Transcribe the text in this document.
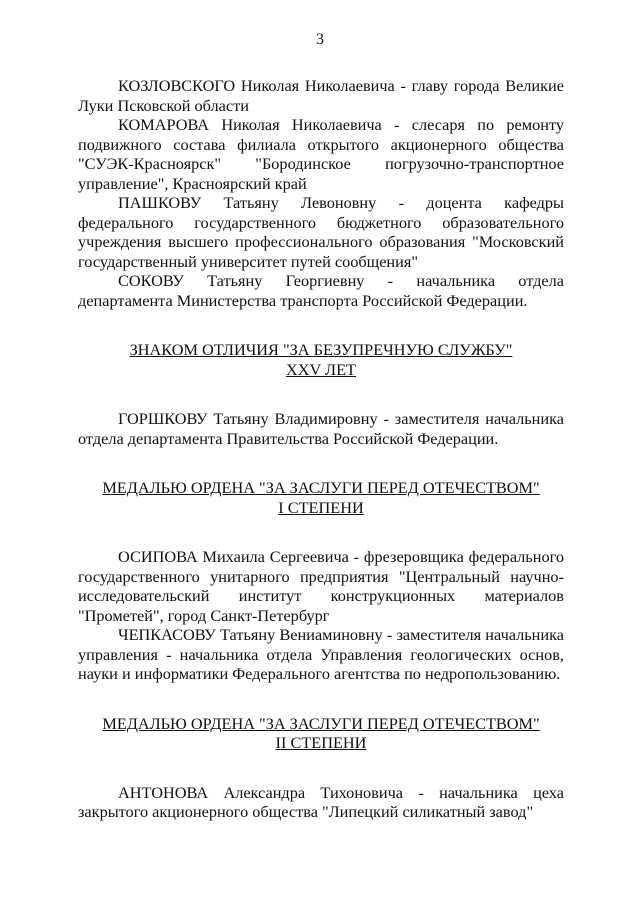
3

КОЗЛОВСКОГО Николая Николаевича - главу города Великие Луки Псковской области

КОМАРОВА Николая Николаевича - слесаря по ремонту подвижного состава филиала открытого акционерного общества "СУЭК-Красноярск" "Бородинское погрузочно-транспортное управление", Красноярский край

ПАШКОВУ Татьяну Левоновну - доцента кафедры федерального государственного бюджетного образовательного учреждения высшего профессионального образования "Московский государственный университет путей сообщения"

СОКОВУ Татьяну Георгиевну - начальника отдела департамента Министерства транспорта Российской Федерации.

ЗНАКОМ ОТЛИЧИЯ "ЗА БЕЗУПРЕЧНУЮ СЛУЖБУ"
XXV ЛЕТ

ГОРШКОВУ Татьяну Владимировну - заместителя начальника отдела департамента Правительства Российской Федерации.

МЕДАЛЬЮ ОРДЕНА "ЗА ЗАСЛУГИ ПЕРЕД ОТЕЧЕСТВОМ"
I СТЕПЕНИ

ОСИПОВА Михаила Сергеевича - фрезеровщика федерального государственного унитарного предприятия "Центральный научно-исследовательский институт конструкционных материалов "Прометей", город Санкт-Петербург

ЧЕПКАСОВУ Татьяну Вениаминовну - заместителя начальника управления - начальника отдела Управления геологических основ, науки и информатики Федерального агентства по недропользованию.

МЕДАЛЬЮ ОРДЕНА "ЗА ЗАСЛУГИ ПЕРЕД ОТЕЧЕСТВОМ"
II СТЕПЕНИ

АНТОНОВА Александра Тихоновича - начальника цеха закрытого акционерного общества "Липецкий силикатный завод"
